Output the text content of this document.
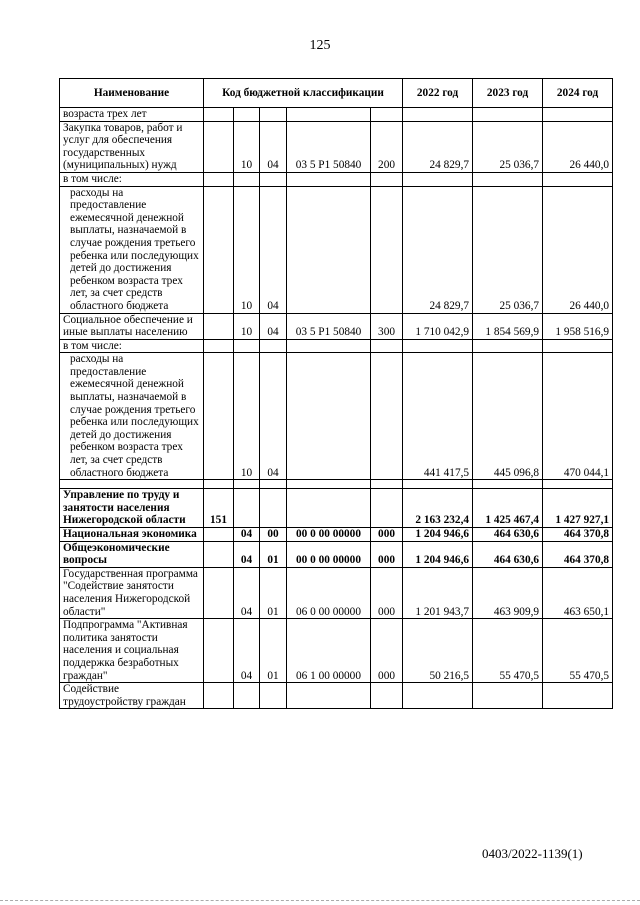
125
Наименование	Код бюджетной классификации					2022 год	2023 год	2024 год
возраста трех лет								
Закупка товаров, работ и услуг для обеспечения государственных (муниципальных) нужд		10	04	03 5 P1 50840	200	24 829,7	25 036,7	26 440,0
в том числе:								
расходы на предоставление ежемесячной денежной выплаты, назначаемой в случае рождения третьего ребенка или последующих детей до достижения ребенком возраста трех лет, за счет средств областного бюджета		10	04			24 829,7	25 036,7	26 440,0
Социальное обеспечение и иные выплаты населению		10	04	03 5 P1 50840	300	1 710 042,9	1 854 569,9	1 958 516,9
в том числе:								
расходы на предоставление ежемесячной денежной выплаты, назначаемой в случае рождения третьего ребенка или последующих детей до достижения ребенком возраста трех лет, за счет средств областного бюджета		10	04			441 417,5	445 096,8	470 044,1

Управление по труду и занятости населения Нижегородской области	151					2 163 232,4	1 425 467,4	1 427 927,1
Национальная экономика		04	00	00 0 00 00000	000	1 204 946,6	464 630,6	464 370,8
Общеэкономические вопросы		04	01	00 0 00 00000	000	1 204 946,6	464 630,6	464 370,8
Государственная программа "Содействие занятости населения Нижегородской области"		04	01	06 0 00 00000	000	1 201 943,7	463 909,9	463 650,1
Подпрограмма "Активная политика занятости населения и социальная поддержка безработных граждан"		04	01	06 1 00 00000	000	50 216,5	55 470,5	55 470,5
Содействие трудоустройству граждан								
0403/2022-1139(1)
